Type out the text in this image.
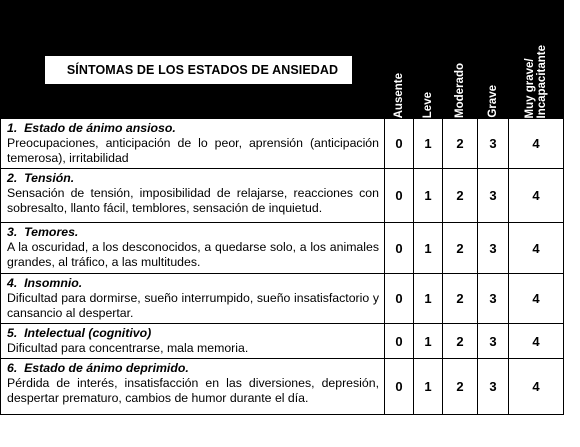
SÍNTOMAS DE LOS ESTADOS DE ANSIEDAD	Ausente	Leve	Moderado	Grave	Muy grave/ Incapacitante

1. Estado de ánimo ansioso.
Preocupaciones, anticipación de lo peor, aprensión (anticipación temerosa), irritabilidad	0	1	2	3	4

2. Tensión.
Sensación de tensión, imposibilidad de relajarse, reacciones con sobresalto, llanto fácil, temblores, sensación de inquietud.	0	1	2	3	4

3. Temores.
A la oscuridad, a los desconocidos, a quedarse solo, a los animales grandes, al tráfico, a las multitudes.	0	1	2	3	4

4. Insomnio.
Dificultad para dormirse, sueño interrumpido, sueño insatisfactorio y cansancio al despertar.	0	1	2	3	4

5. Intelectual (cognitivo)
Dificultad para concentrarse, mala memoria.	0	1	2	3	4

6. Estado de ánimo deprimido.
Pérdida de interés, insatisfacción en las diversiones, depresión, despertar prematuro, cambios de humor durante el día.	0	1	2	3	4
